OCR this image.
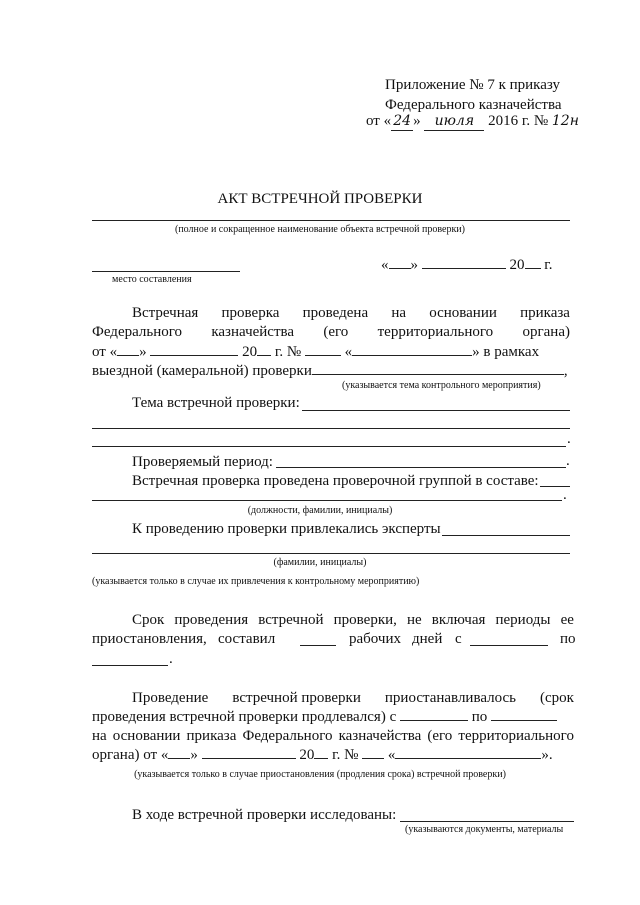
Приложение № 7 к приказу
Федерального казначейства
от « 24 » июля 2016 г. № 12н
АКТ ВСТРЕЧНОЙ ПРОВЕРКИ
(полное и сокращенное наименование объекта встречной проверки)
место составления
« »	20 г.
Встречная проверка проведена на основании приказа
Федерального казначейства (его территориального органа)
от « »	20 г. №	«	» в рамках
выездной (камеральной) проверки	,
(указывается тема контрольного мероприятия)
Тема встречной проверки:
.
Проверяемый период:	.
Встречная проверка проведена проверочной группой в составе:
.
(должности, фамилии, инициалы)
К проведению проверки привлекались эксперты
(фамилии, инициалы)
(указывается только в случае их привлечения к контрольному мероприятию)
Срок проведения встречной проверки, не включая периоды ее
приостановления, составил	рабочих дней с	по
.
Проведение встречной проверки приостанавливалось (срок
проведения встречной проверки продлевался) с	по
на основании приказа Федерального казначейства (его территориального
органа) от « »	20 г. № «	».
(указывается только в случае приостановления (продления срока) встречной проверки)
В ходе встречной проверки исследованы:
(указываются документы, материалы
